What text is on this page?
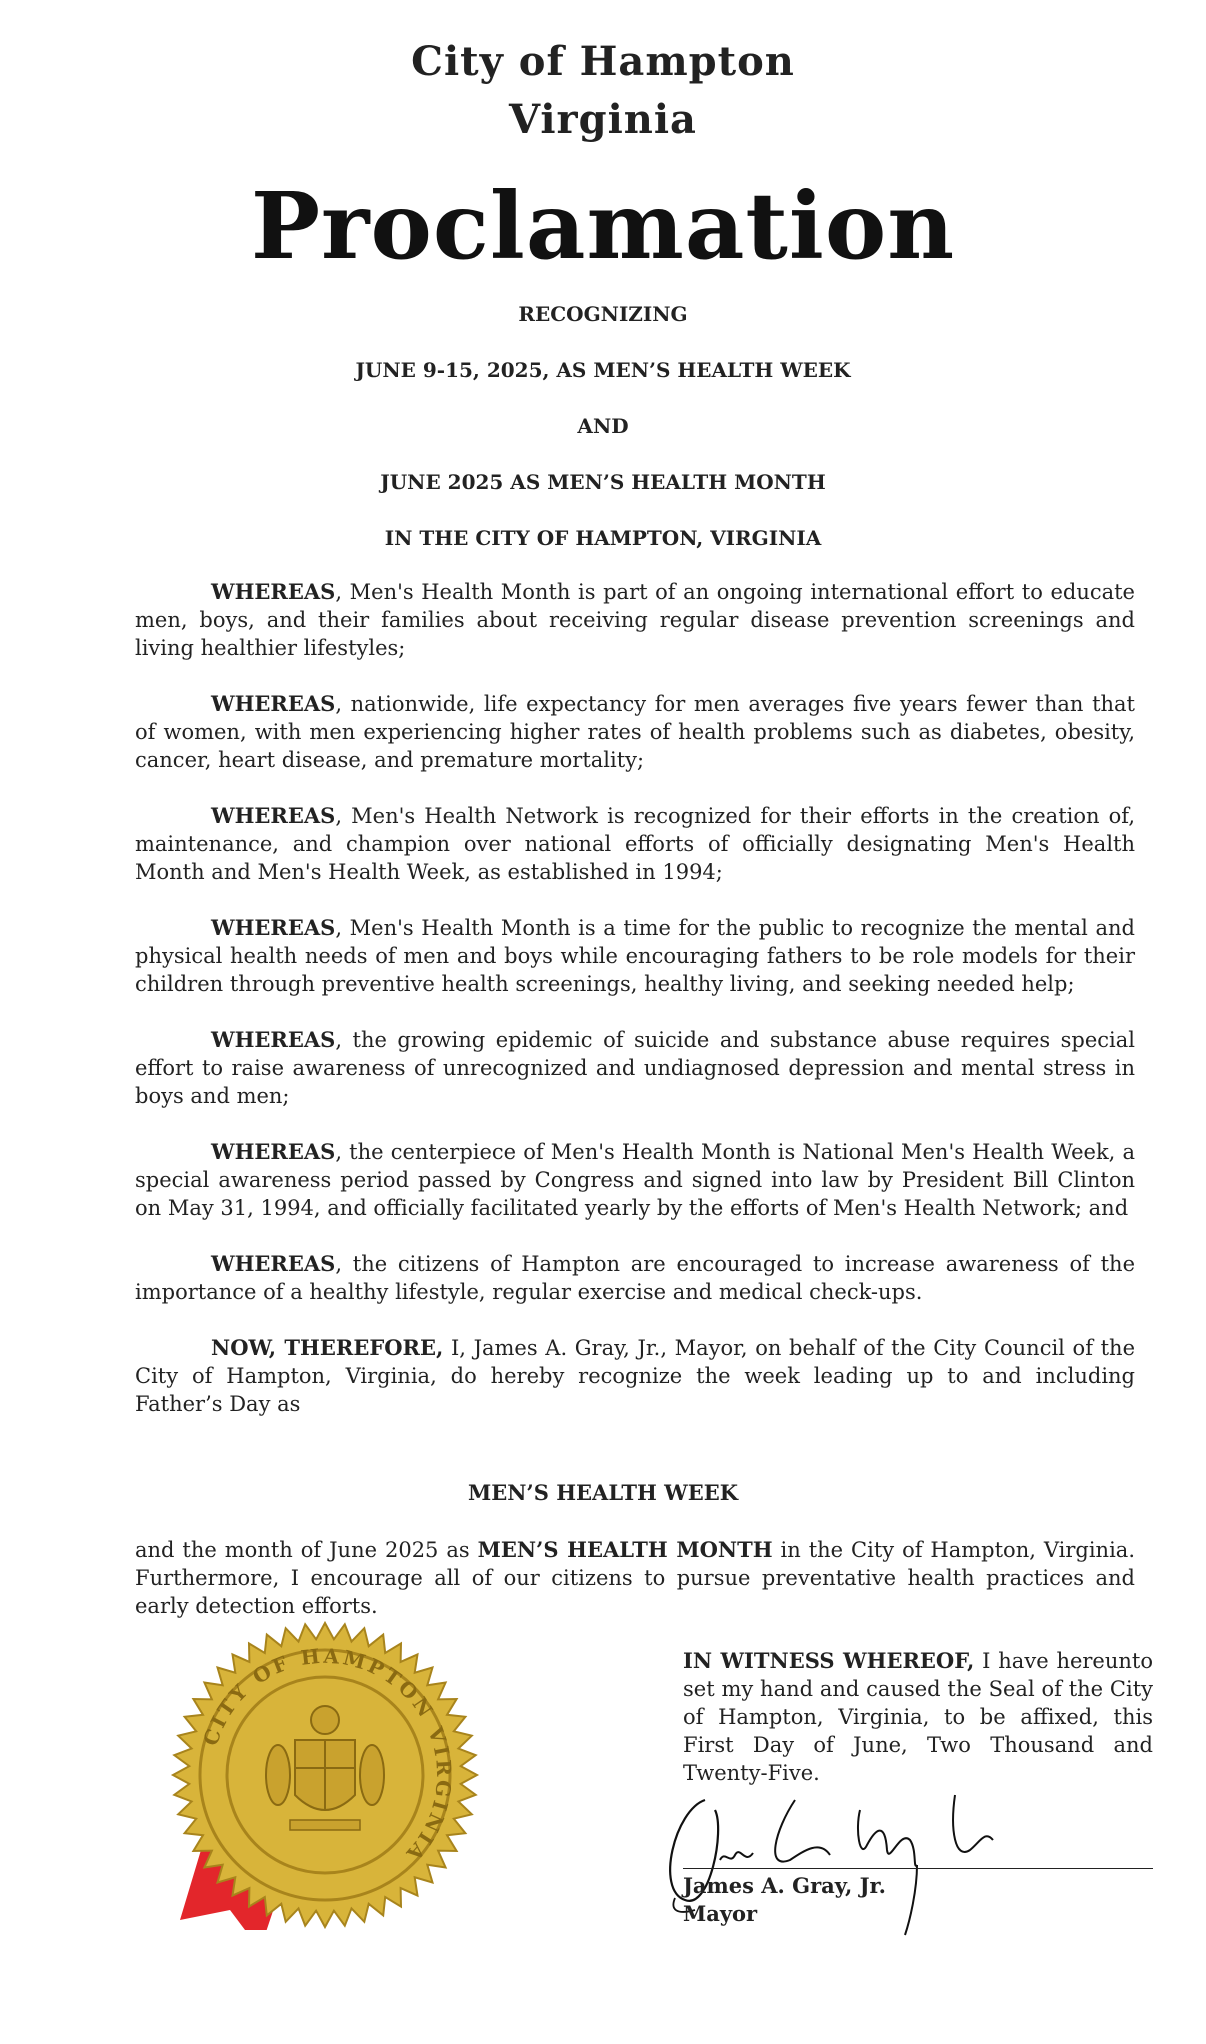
City of Hampton
Virginia
Proclamation
RECOGNIZING
JUNE 9-15, 2025, AS MEN’S HEALTH WEEK
AND
JUNE 2025 AS MEN’S HEALTH MONTH
IN THE CITY OF HAMPTON, VIRGINIA

WHEREAS, Men's Health Month is part of an ongoing international effort to educate men, boys, and their families about receiving regular disease prevention screenings and living healthier lifestyles;

WHEREAS, nationwide, life expectancy for men averages five years fewer than that of women, with men experiencing higher rates of health problems such as diabetes, obesity, cancer, heart disease, and premature mortality;

WHEREAS, Men's Health Network is recognized for their efforts in the creation of, maintenance, and champion over national efforts of officially designating Men's Health Month and Men's Health Week, as established in 1994;

WHEREAS, Men's Health Month is a time for the public to recognize the mental and physical health needs of men and boys while encouraging fathers to be role models for their children through preventive health screenings, healthy living, and seeking needed help;

WHEREAS, the growing epidemic of suicide and substance abuse requires special effort to raise awareness of unrecognized and undiagnosed depression and mental stress in boys and men;

WHEREAS, the centerpiece of Men's Health Month is National Men's Health Week, a special awareness period passed by Congress and signed into law by President Bill Clinton on May 31, 1994, and officially facilitated yearly by the efforts of Men's Health Network; and

WHEREAS, the citizens of Hampton are encouraged to increase awareness of the importance of a healthy lifestyle, regular exercise and medical check-ups.

NOW, THEREFORE, I, James A. Gray, Jr., Mayor, on behalf of the City Council of the City of Hampton, Virginia, do hereby recognize the week leading up to and including Father’s Day as

MEN’S HEALTH WEEK
and the month of June 2025 as MEN’S HEALTH MONTH in the City of Hampton, Virginia. Furthermore, I encourage all of our citizens to pursue preventative health practices and early detection efforts.
IN WITNESS WHEREOF, I have hereunto set my hand and caused the Seal of the City of Hampton, Virginia, to be affixed, this First Day of June, Two Thousand and Twenty-Five.
CITY OF HAMPTON VIRGINIA
James A. Gray, Jr.
Mayor
